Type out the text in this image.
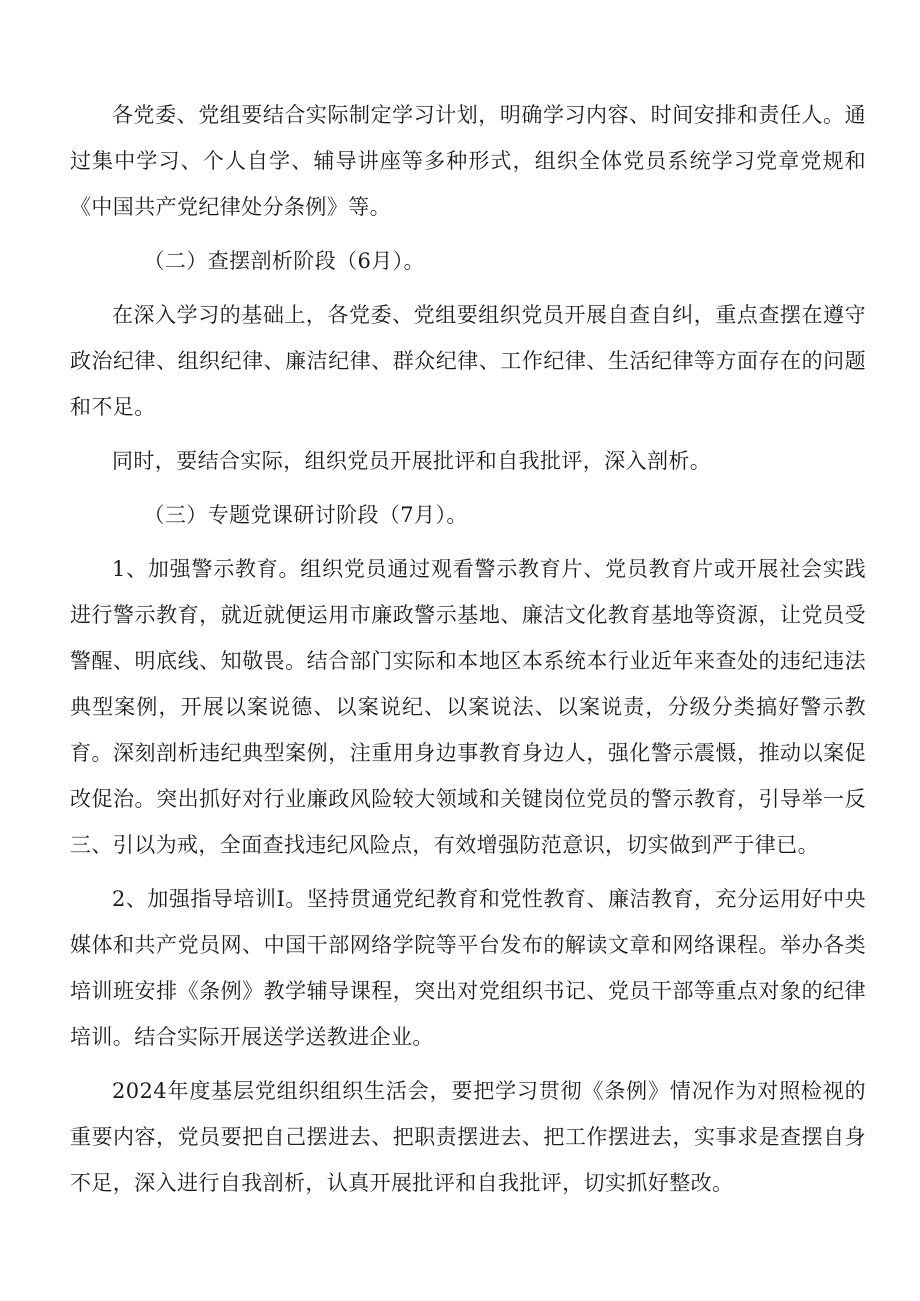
各党委、党组要结合实际制定学习计划，明确学习内容、时间安排和责任人。通过集中学习、个人自学、辅导讲座等多种形式，组织全体党员系统学习党章党规和《中国共产党纪律处分条例》等。

（二）查摆剖析阶段（6月）。

在深入学习的基础上，各党委、党组要组织党员开展自查自纠，重点查摆在遵守政治纪律、组织纪律、廉洁纪律、群众纪律、工作纪律、生活纪律等方面存在的问题和不足。

同时，要结合实际，组织党员开展批评和自我批评，深入剖析。

（三）专题党课研讨阶段（7月）。

1、加强警示教育。组织党员通过观看警示教育片、党员教育片或开展社会实践进行警示教育，就近就便运用市廉政警示基地、廉洁文化教育基地等资源，让党员受警醒、明底线、知敬畏。结合部门实际和本地区本系统本行业近年来查处的违纪违法典型案例，开展以案说德、以案说纪、以案说法、以案说责，分级分类搞好警示教育。深刻剖析违纪典型案例，注重用身边事教育身边人，强化警示震慑，推动以案促改促治。突出抓好对行业廉政风险较大领域和关键岗位党员的警示教育，引导举一反三、引以为戒，全面查找违纪风险点，有效增强防范意识，切实做到严于律已。

2、加强指导培训I。坚持贯通党纪教育和党性教育、廉洁教育，充分运用好中央媒体和共产党员网、中国干部网络学院等平台发布的解读文章和网络课程。举办各类培训班安排《条例》教学辅导课程，突出对党组织书记、党员干部等重点对象的纪律培训。结合实际开展送学送教进企业。

2024年度基层党组织组织生活会，要把学习贯彻《条例》情况作为对照检视的重要内容，党员要把自己摆进去、把职责摆进去、把工作摆进去，实事求是查摆自身不足，深入进行自我剖析，认真开展批评和自我批评，切实抓好整改。
